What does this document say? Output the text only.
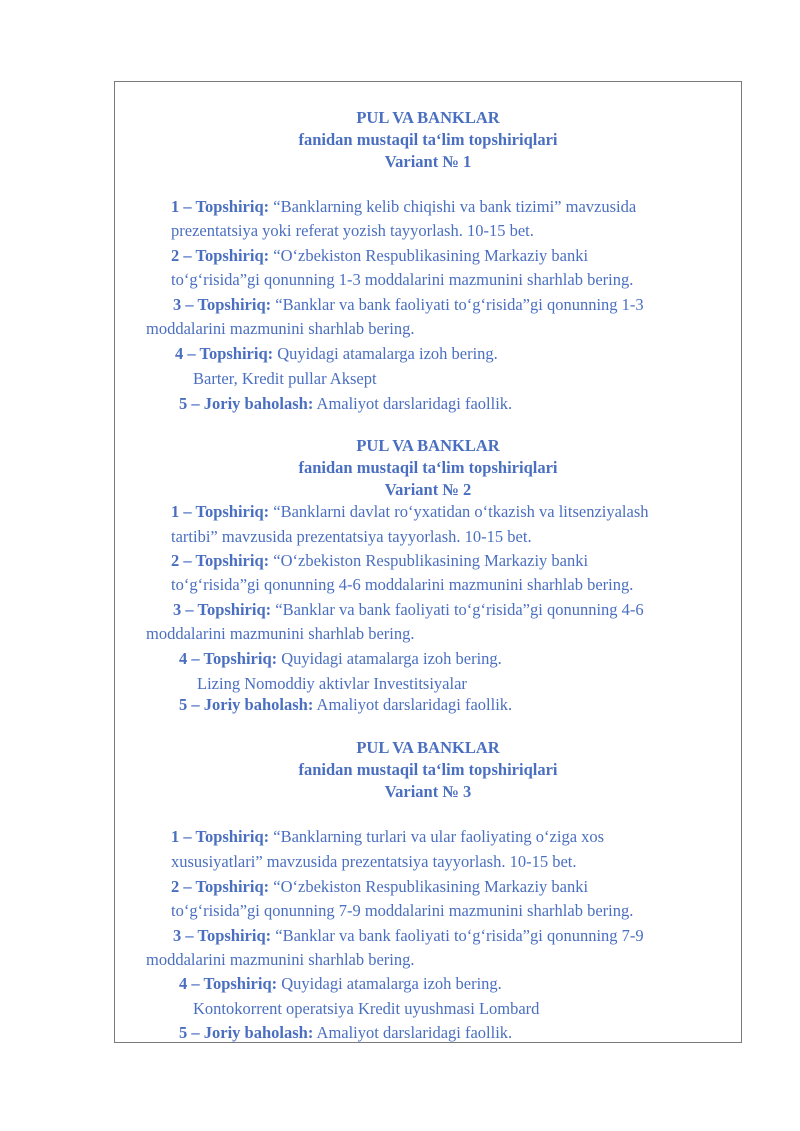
PUL VA BANKLAR
fanidan mustaqil ta‘lim topshiriqlari
Variant № 1
1 – Topshiriq: “Banklarning kelib chiqishi va bank tizimi” mavzusida
prezentatsiya yoki referat yozish tayyorlash. 10-15 bet.
2 – Topshiriq: “O‘zbekiston Respublikasining Markaziy banki
to‘g‘risida”gi qonunning 1-3 moddalarini mazmunini sharhlab bering.
3 – Topshiriq: “Banklar va bank faoliyati to‘g‘risida”gi qonunning 1-3
moddalarini mazmunini sharhlab bering.
4 – Topshiriq: Quyidagi atamalarga izoh bering.
Barter, Kredit pullar Aksept
5 – Joriy baholash: Amaliyot darslaridagi faollik.
PUL VA BANKLAR
fanidan mustaqil ta‘lim topshiriqlari
Variant № 2
1 – Topshiriq: “Banklarni davlat ro‘yxatidan o‘tkazish va litsenziyalash
tartibi” mavzusida prezentatsiya tayyorlash. 10-15 bet.
2 – Topshiriq: “O‘zbekiston Respublikasining Markaziy banki
to‘g‘risida”gi qonunning 4-6 moddalarini mazmunini sharhlab bering.
3 – Topshiriq: “Banklar va bank faoliyati to‘g‘risida”gi qonunning 4-6
moddalarini mazmunini sharhlab bering.
4 – Topshiriq: Quyidagi atamalarga izoh bering.
Lizing Nomoddiy aktivlar Investitsiyalar
5 – Joriy baholash: Amaliyot darslaridagi faollik.
PUL VA BANKLAR
fanidan mustaqil ta‘lim topshiriqlari
Variant № 3
1 – Topshiriq: “Banklarning turlari va ular faoliyating o‘ziga xos
xususiyatlari” mavzusida prezentatsiya tayyorlash. 10-15 bet.
2 – Topshiriq: “O‘zbekiston Respublikasining Markaziy banki
to‘g‘risida”gi qonunning 7-9 moddalarini mazmunini sharhlab bering.
3 – Topshiriq: “Banklar va bank faoliyati to‘g‘risida”gi qonunning 7-9
moddalarini mazmunini sharhlab bering.
4 – Topshiriq: Quyidagi atamalarga izoh bering.
Kontokorrent operatsiya Kredit uyushmasi Lombard
5 – Joriy baholash: Amaliyot darslaridagi faollik.
